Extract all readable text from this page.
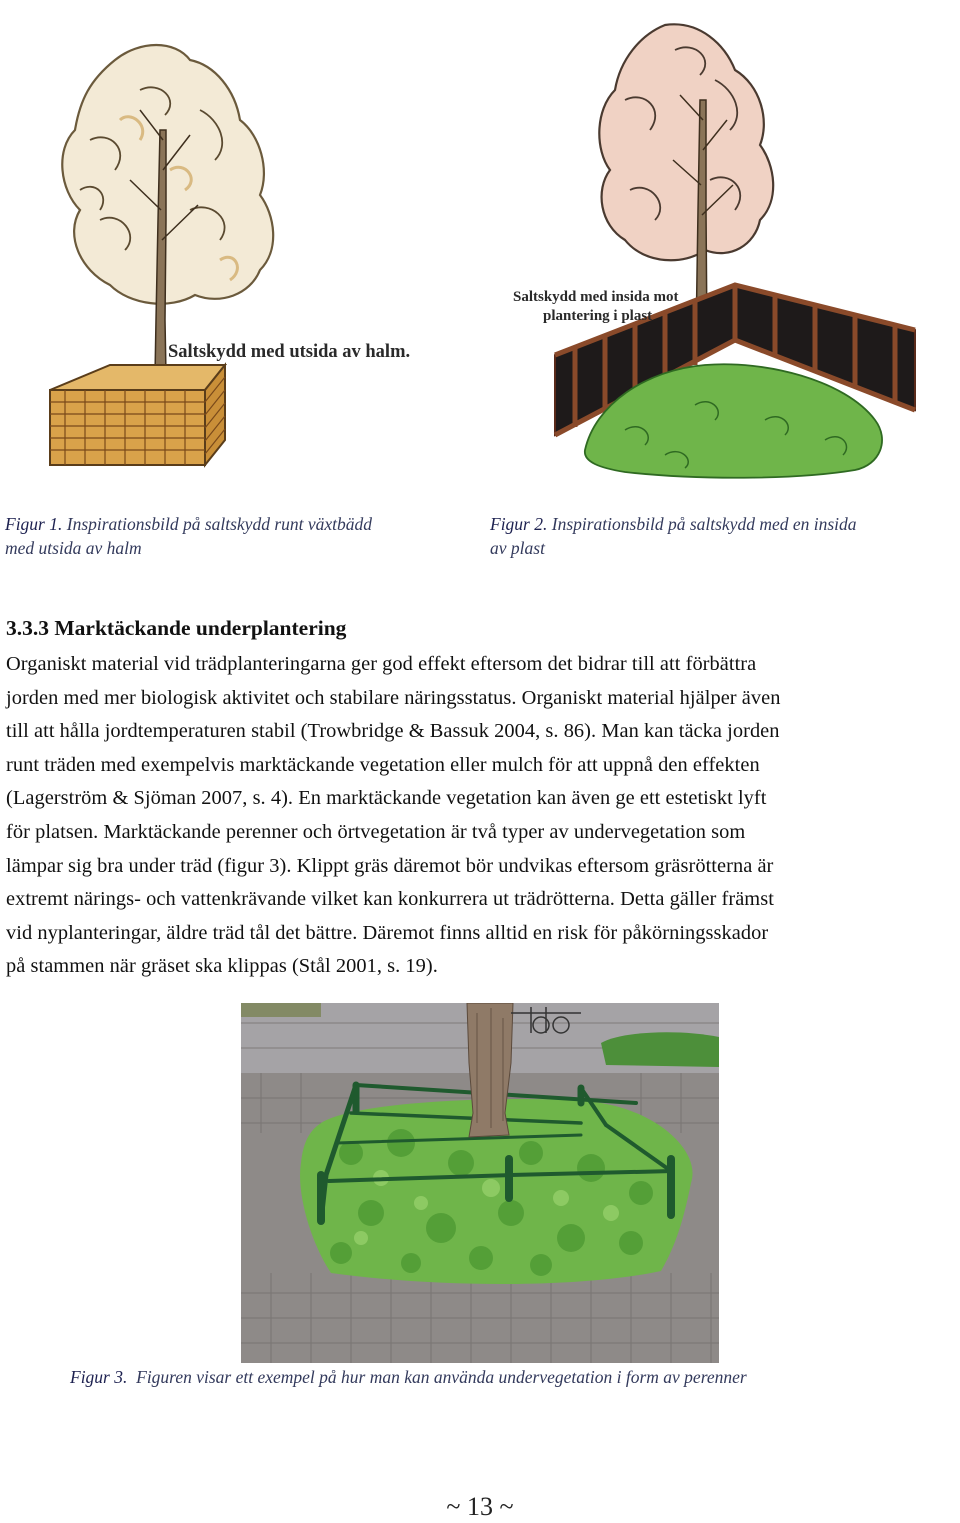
Saltskydd med utsida av halm.
Saltskydd med insida mot
plantering i plast
Figur 1. Inspirationsbild på saltskydd runt växtbädd
med utsida av halm
Figur 2. Inspirationsbild på saltskydd med en insida
av plast
3.3.3 Marktäckande underplantering
Organiskt material vid trädplanteringarna ger god effekt eftersom det bidrar till att förbättra
jorden med mer biologisk aktivitet och stabilare näringsstatus. Organiskt material hjälper även
till att hålla jordtemperaturen stabil (Trowbridge & Bassuk 2004, s. 86). Man kan täcka jorden
runt träden med exempelvis marktäckande vegetation eller mulch för att uppnå den effekten
(Lagerström & Sjöman 2007, s. 4). En marktäckande vegetation kan även ge ett estetiskt lyft
för platsen. Marktäckande perenner och örtvegetation är två typer av undervegetation som
lämpar sig bra under träd (figur 3). Klippt gräs däremot bör undvikas eftersom gräsrötterna är
extremt närings- och vattenkrävande vilket kan konkurrera ut trädrötterna. Detta gäller främst
vid nyplanteringar, äldre träd tål det bättre. Däremot finns alltid en risk för påkörningsskador
på stammen när gräset ska klippas (Stål 2001, s. 19).
Figur 3. Figuren visar ett exempel på hur man kan använda undervegetation i form av perenner
~ 13 ~
